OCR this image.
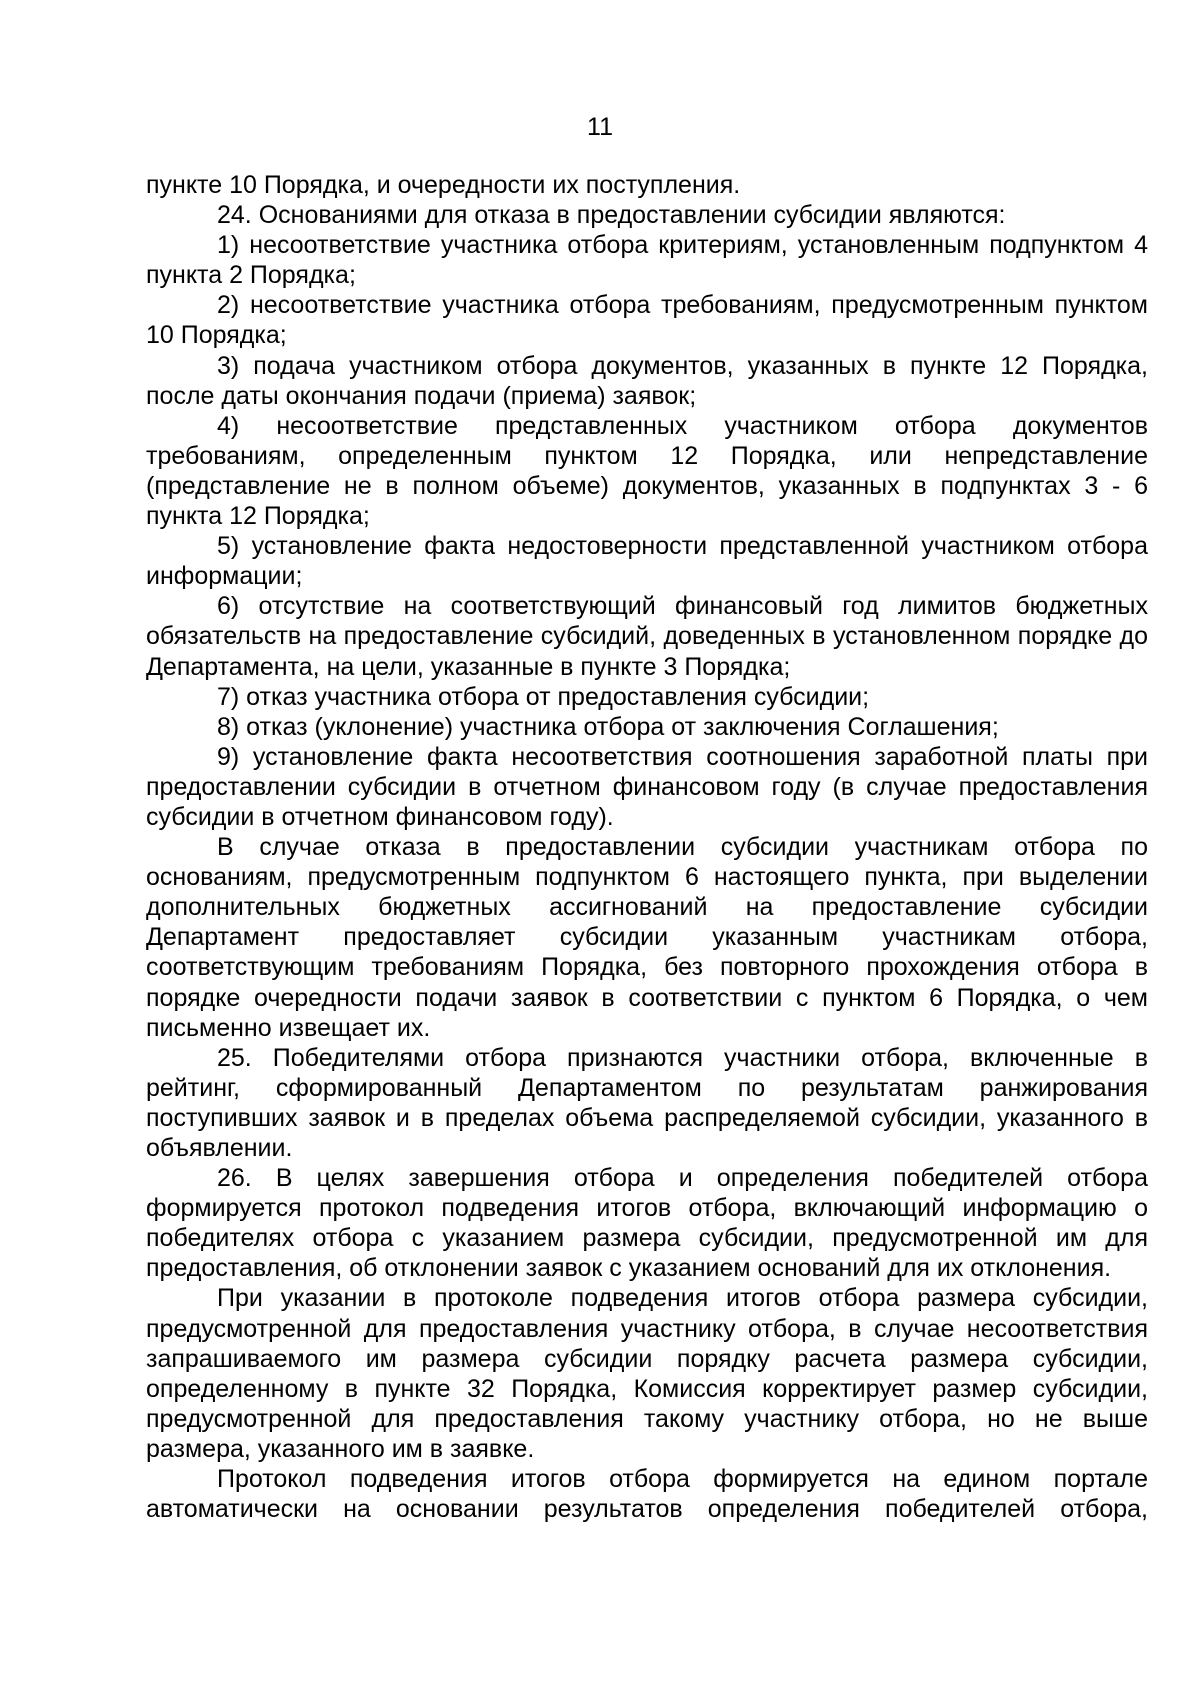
11

пункте 10 Порядка, и очередности их поступления.

24. Основаниями для отказа в предоставлении субсидии являются:

1) несоответствие участника отбора критериям, установленным подпунктом 4 пункта 2 Порядка;

2) несоответствие участника отбора требованиям, предусмотренным пунктом 10 Порядка;

3) подача участником отбора документов, указанных в пункте 12 Порядка, после даты окончания подачи (приема) заявок;

4) несоответствие представленных участником отбора документов требованиям, определенным пунктом 12 Порядка, или непредставление (представление не в полном объеме) документов, указанных в подпунктах 3 - 6 пункта 12 Порядка;

5) установление факта недостоверности представленной участником отбора информации;

6) отсутствие на соответствующий финансовый год лимитов бюджетных обязательств на предоставление субсидий, доведенных в установленном порядке до Департамента, на цели, указанные в пункте 3 Порядка;

7) отказ участника отбора от предоставления субсидии;

8) отказ (уклонение) участника отбора от заключения Соглашения;

9) установление факта несоответствия соотношения заработной платы при предоставлении субсидии в отчетном финансовом году (в случае предоставления субсидии в отчетном финансовом году).

В случае отказа в предоставлении субсидии участникам отбора по основаниям, предусмотренным подпунктом 6 настоящего пункта, при выделении дополнительных бюджетных ассигнований на предоставление субсидии Департамент предоставляет субсидии указанным участникам отбора, соответствующим требованиям Порядка, без повторного прохождения отбора в порядке очередности подачи заявок в соответствии с пунктом 6 Порядка, о чем письменно извещает их.

25. Победителями отбора признаются участники отбора, включенные в рейтинг, сформированный Департаментом по результатам ранжирования поступивших заявок и в пределах объема распределяемой субсидии, указанного в объявлении.

26. В целях завершения отбора и определения победителей отбора формируется протокол подведения итогов отбора, включающий информацию о победителях отбора с указанием размера субсидии, предусмотренной им для предоставления, об отклонении заявок с указанием оснований для их отклонения.

При указании в протоколе подведения итогов отбора размера субсидии, предусмотренной для предоставления участнику отбора, в случае несоответствия запрашиваемого им размера субсидии порядку расчета размера субсидии, определенному в пункте 32 Порядка, Комиссия корректирует размер субсидии, предусмотренной для предоставления такому участнику отбора, но не выше размера, указанного им в заявке.

Протокол подведения итогов отбора формируется на едином портале автоматически на основании результатов определения победителей отбора,
